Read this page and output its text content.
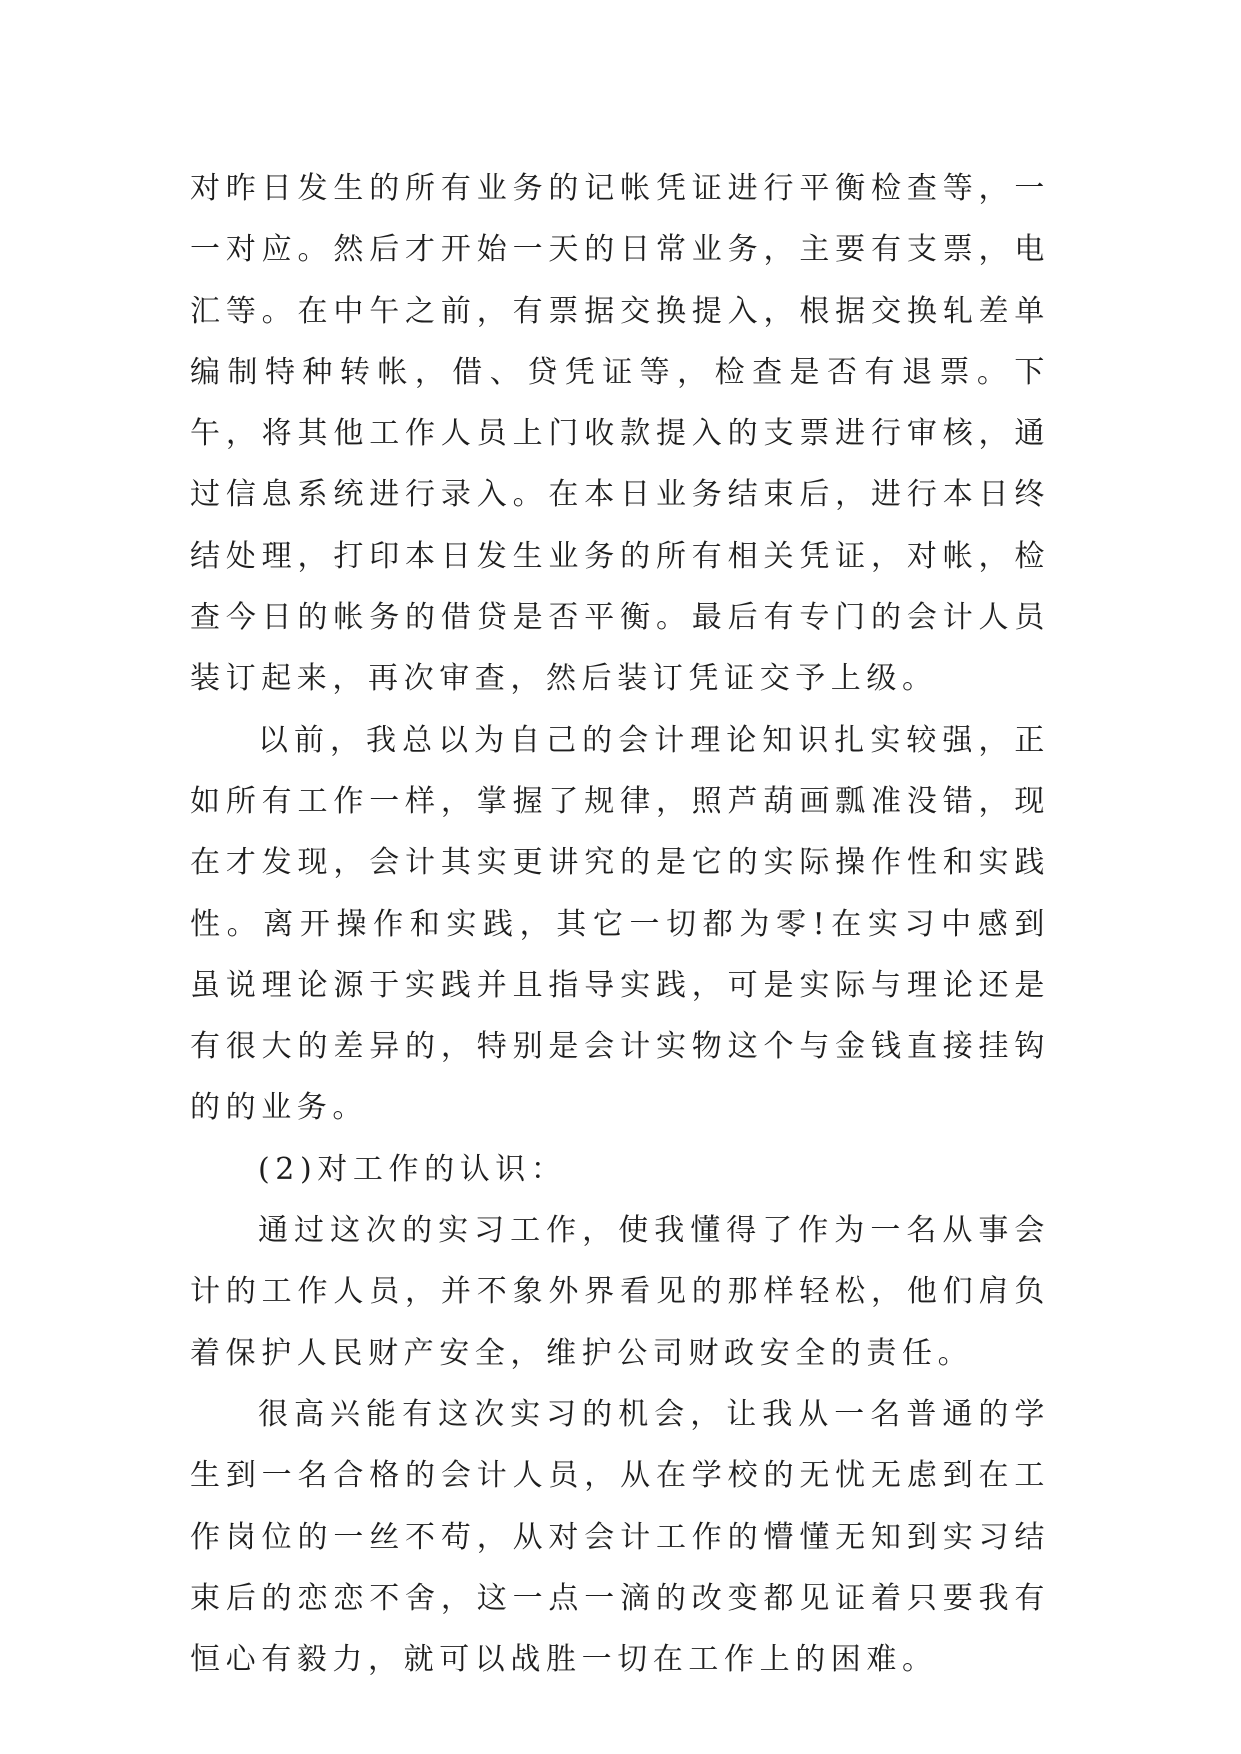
对昨日发生的所有业务的记帐凭证进行平衡检查等，一一对应。然后才开始一天的日常业务，主要有支票，电汇等。在中午之前，有票据交换提入，根据交换轧差单编制特种转帐，借、贷凭证等，检查是否有退票。下午，将其他工作人员上门收款提入的支票进行审核，通过信息系统进行录入。在本日业务结束后，进行本日终结处理，打印本日发生业务的所有相关凭证，对帐，检查今日的帐务的借贷是否平衡。最后有专门的会计人员装订起来，再次审查，然后装订凭证交予上级。

以前，我总以为自己的会计理论知识扎实较强，正如所有工作一样，掌握了规律，照芦葫画瓢准没错，现在才发现，会计其实更讲究的是它的实际操作性和实践性。离开操作和实践，其它一切都为零!在实习中感到虽说理论源于实践并且指导实践，可是实际与理论还是有很大的差异的，特别是会计实物这个与金钱直接挂钩的的业务。

(2)对工作的认识：

通过这次的实习工作，使我懂得了作为一名从事会计的工作人员，并不象外界看见的那样轻松，他们肩负着保护人民财产安全，维护公司财政安全的责任。

很高兴能有这次实习的机会，让我从一名普通的学生到一名合格的会计人员，从在学校的无忧无虑到在工作岗位的一丝不苟，从对会计工作的懵懂无知到实习结束后的恋恋不舍，这一点一滴的改变都见证着只要我有恒心有毅力，就可以战胜一切在工作上的困难。
